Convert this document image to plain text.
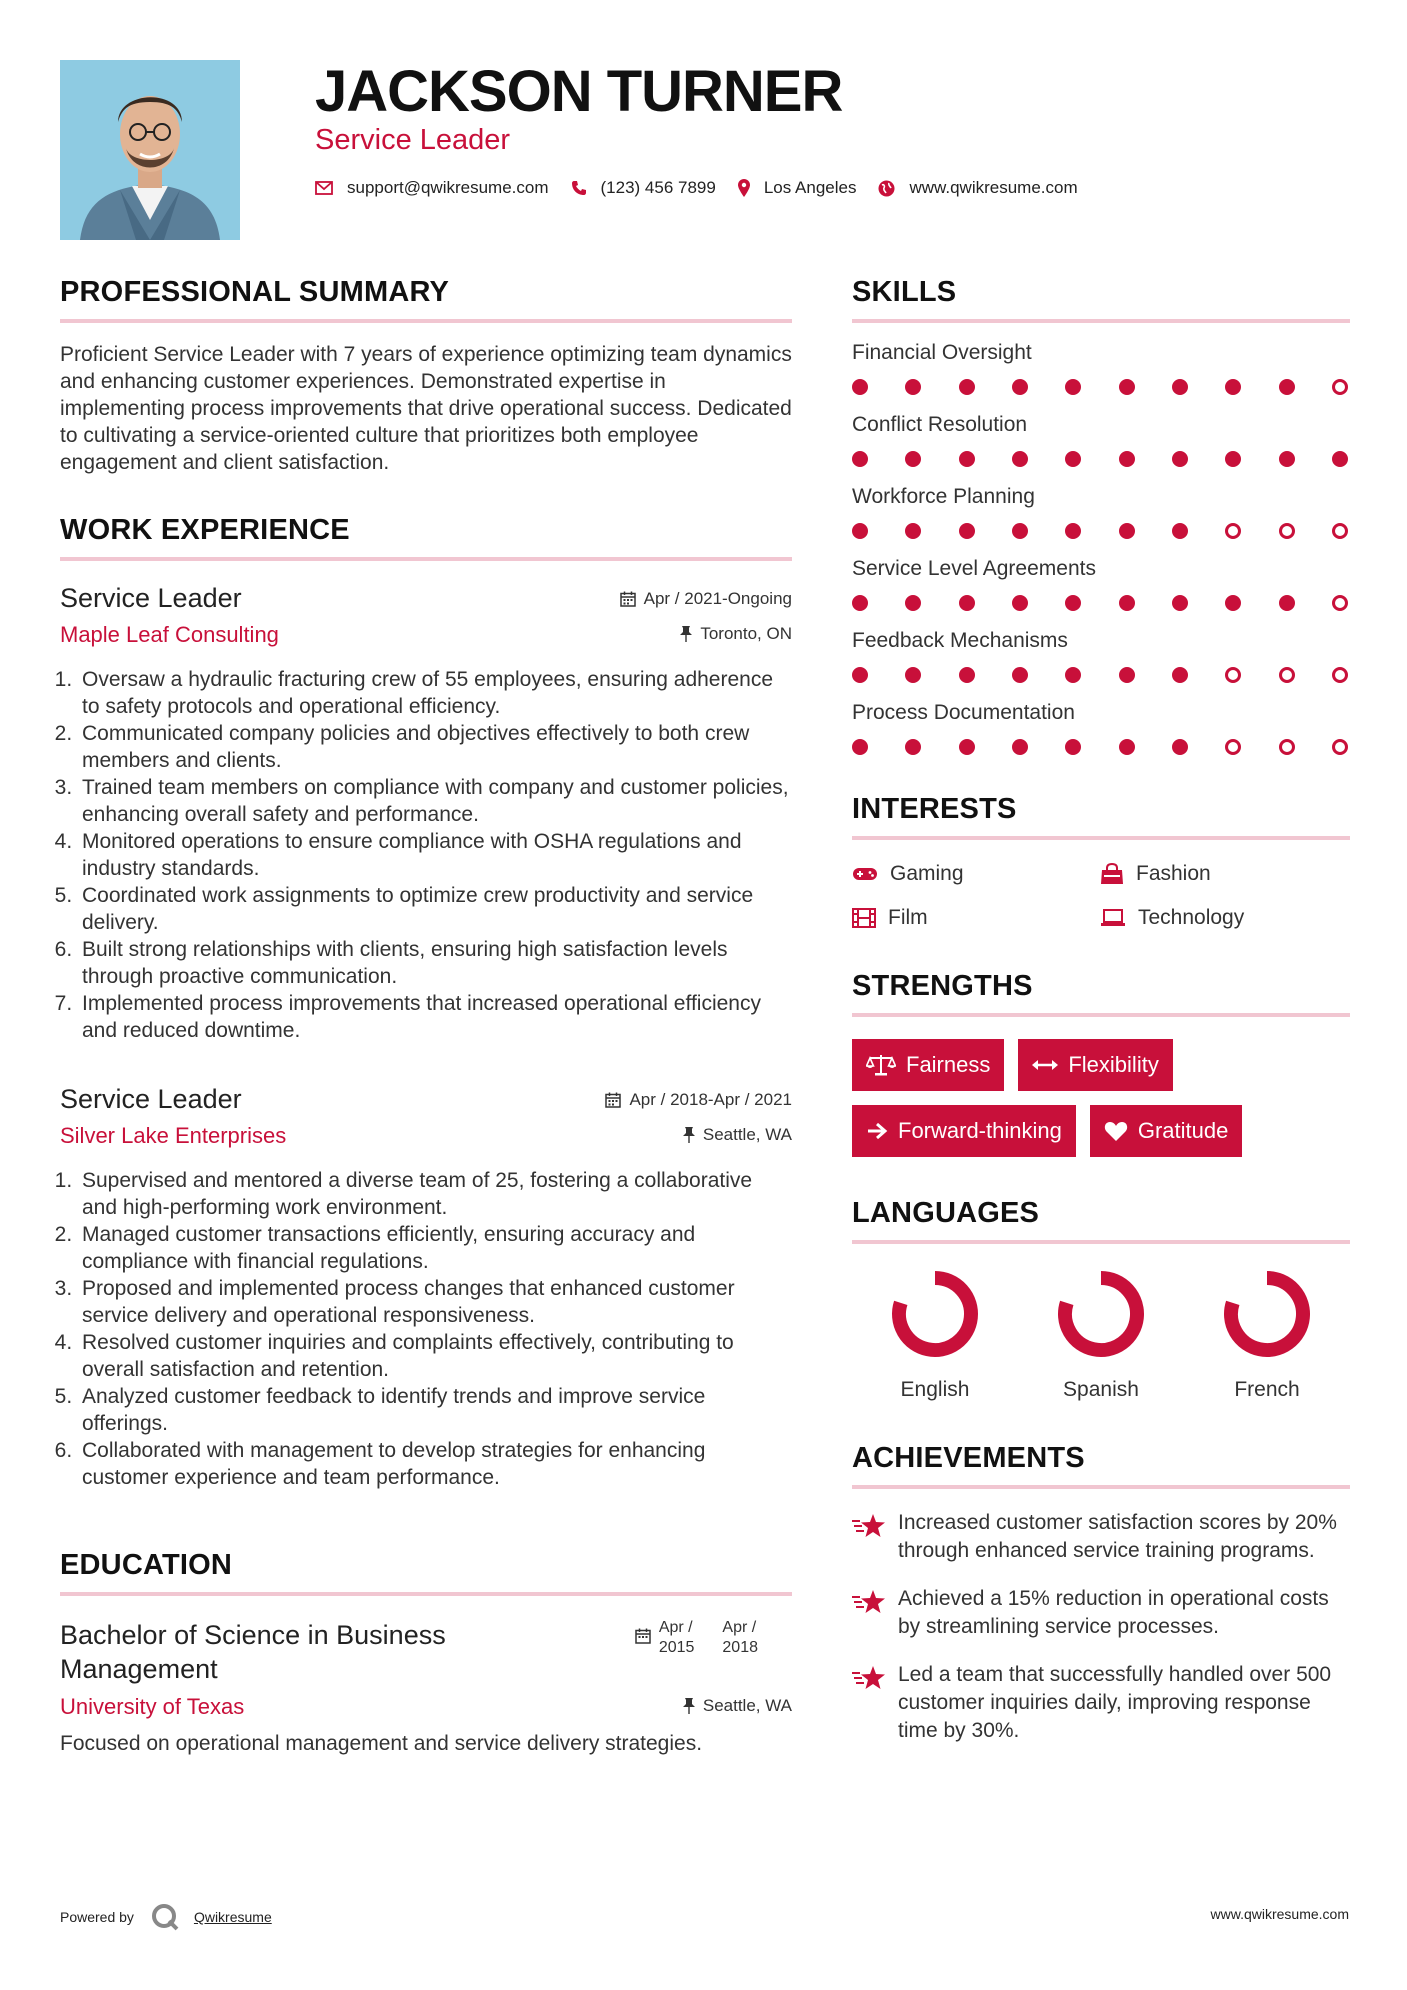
JACKSON TURNER
Service Leader
support@qwikresume.com	(123) 456 7899	Los Angeles	www.qwikresume.com
PROFESSIONAL SUMMARY

Proficient Service Leader with 7 years of experience optimizing team dynamics and enhancing customer experiences. Demonstrated expertise in implementing process improvements that drive operational success. Dedicated to cultivating a service-oriented culture that prioritizes both employee engagement and client satisfaction.

WORK EXPERIENCE
Service Leader	Apr / 2021-Ongoing
Maple Leaf Consulting	Toronto, ON
1. Oversaw a hydraulic fracturing crew of 55 employees, ensuring adherence to safety protocols and operational efficiency.
2. Communicated company policies and objectives effectively to both crew members and clients.
3. Trained team members on compliance with company and customer policies, enhancing overall safety and performance.
4. Monitored operations to ensure compliance with OSHA regulations and industry standards.
5. Coordinated work assignments to optimize crew productivity and service delivery.
6. Built strong relationships with clients, ensuring high satisfaction levels through proactive communication.
7. Implemented process improvements that increased operational efficiency and reduced downtime.
Service Leader	Apr / 2018-Apr / 2021
Silver Lake Enterprises	Seattle, WA
1. Supervised and mentored a diverse team of 25, fostering a collaborative and high-performing work environment.
2. Managed customer transactions efficiently, ensuring accuracy and compliance with financial regulations.
3. Proposed and implemented process changes that enhanced customer service delivery and operational responsiveness.
4. Resolved customer inquiries and complaints effectively, contributing to overall satisfaction and retention.
5. Analyzed customer feedback to identify trends and improve service offerings.
6. Collaborated with management to develop strategies for enhancing customer experience and team performance.
EDUCATION
Bachelor of Science in Business Management
Apr /
2015
Apr /
2018
University of Texas	Seattle, WA

Focused on operational management and service delivery strategies.

SKILLS
Financial Oversight
Conflict Resolution
Workforce Planning
Service Level Agreements
Feedback Mechanisms
Process Documentation
INTERESTS
Gaming	Fashion
Film	Technology
STRENGTHS
Fairness	Flexibility
Forward-thinking	Gratitude
LANGUAGES
English	Spanish	French
ACHIEVEMENTS
Increased customer satisfaction scores by 20% through enhanced service training programs.
Achieved a 15% reduction in operational costs by streamlining service processes.
Led a team that successfully handled over 500 customer inquiries daily, improving response time by 30%.
Powered by	Qwikresume	www.qwikresume.com
